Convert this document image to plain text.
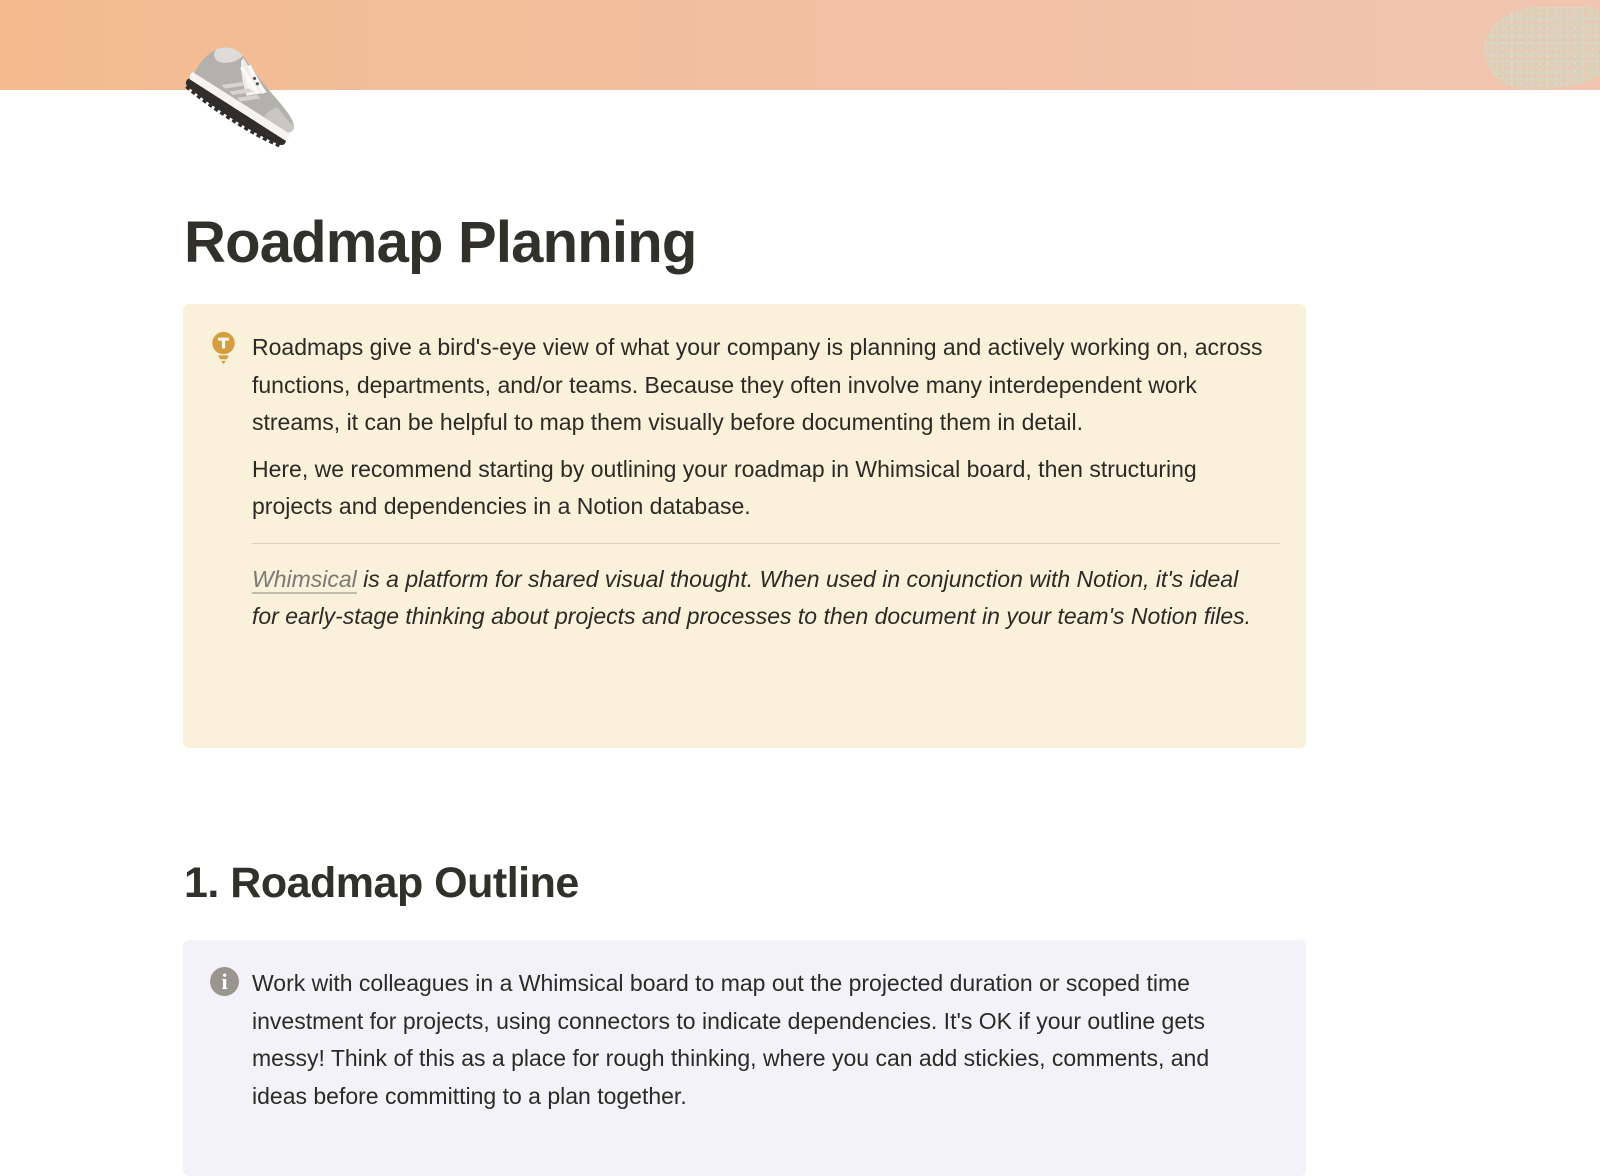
Roadmap Planning

Roadmaps give a bird's-eye view of what your company is planning and actively working on, across functions, departments, and/or teams. Because they often involve many interdependent work streams, it can be helpful to map them visually before documenting them in detail.

Here, we recommend starting by outlining your roadmap in Whimsical board, then structuring projects and dependencies in a Notion database.

Whimsical is a platform for shared visual thought. When used in conjunction with Notion, it's ideal for early-stage thinking about projects and processes to then document in your team's Notion files.

1. Roadmap Outline
i	Work with colleagues in a Whimsical board to map out the projected duration or scoped time investment for projects, using connectors to indicate dependencies. It's OK if your outline gets messy! Think of this as a place for rough thinking, where you can add stickies, comments, and ideas before committing to a plan together.
